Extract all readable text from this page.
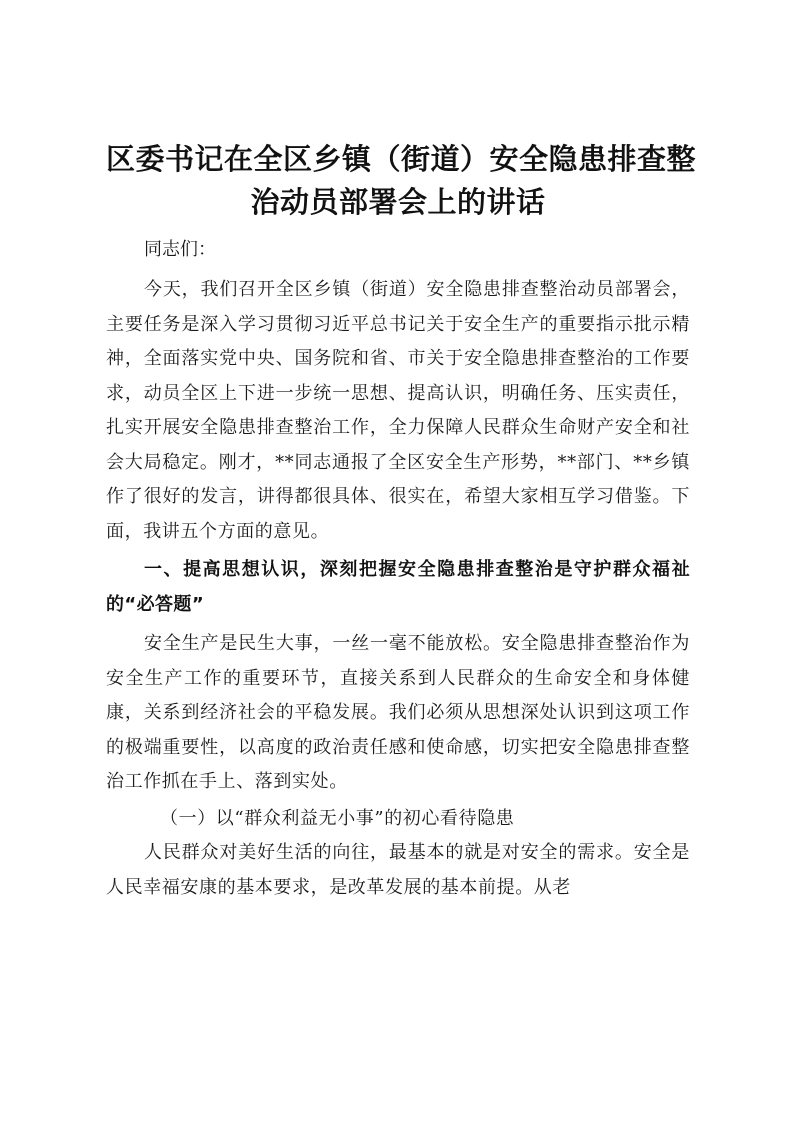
区委书记在全区乡镇（街道）安全隐患排查整
治动员部署会上的讲话

同志们：

今天，我们召开全区乡镇（街道）安全隐患排查整治动员部署会，主要任务是深入学习贯彻习近平总书记关于安全生产的重要指示批示精神，全面落实党中央、国务院和省、市关于安全隐患排查整治的工作要求，动员全区上下进一步统一思想、提高认识，明确任务、压实责任，扎实开展安全隐患排查整治工作，全力保障人民群众生命财产安全和社会大局稳定。刚才，**同志通报了全区安全生产形势，**部门、**乡镇作了很好的发言，讲得都很具体、很实在，希望大家相互学习借鉴。下面，我讲五个方面的意见。

一、提高思想认识，深刻把握安全隐患排查整治是守护群众福祉的“必答题”

安全生产是民生大事，一丝一毫不能放松。安全隐患排查整治作为安全生产工作的重要环节，直接关系到人民群众的生命安全和身体健康，关系到经济社会的平稳发展。我们必须从思想深处认识到这项工作的极端重要性，以高度的政治责任感和使命感，切实把安全隐患排查整治工作抓在手上、落到实处。

（一）以“群众利益无小事”的初心看待隐患

人民群众对美好生活的向往，最基本的就是对安全的需求。安全是人民幸福安康的基本要求，是改革发展的基本前提。从老
